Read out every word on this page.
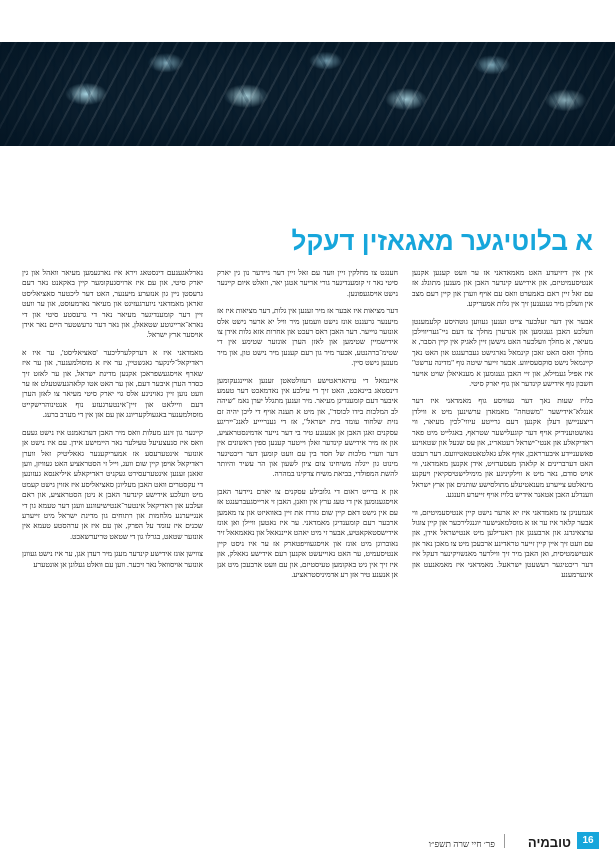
א בלוטיגער מאגאזין דעקל

אין אין דיזיעדע האט מאמאדאני אז ער וועט קענען אקנען אנטיסעמיטיזם, און אידישע קינדער האבן און מענען מתונלג אז עם זאל זיין ראם באמערט וואס עם אויף ווערן און קיין רעם מצב אין וועלכן מיר גענענען זיך אין גלות אמעריקע.

אבער אין דער זעלבער צייט זענען געווען גוטהיסע קלעמענטן וועלכע האבן געגומען און אנדערן מחלך צו דעם ניי־געריווילכן מעיאר, א מחלך וועלכער האט גיששן זיין לאגיק אין קיין הסבר, א מחלך וואס האט זאכן קינמאל נארגישט געברענגט און האט נאך קיינמאל נישט סוקסעסיווע. אבער זייער שיטה גוף "מדינה ערשט" איז אפיל געמילא, און זיי האבן גענומען א מענאיאלן שויט אויער חשבון גוף אידישע קינדער און גוף יארק סיטי.

בלויז שעות נאך דער געוויסע גוף מאמדאני איז דער אנגלא־אידישער "משטחה" מאמאדן ערשינען מיט א ווילדן ריצעניישן דעלן אקנען דעם גרייטע עיווי־לכין מעיאר, ווי נאושטוענידיק אויף דער קוגעלישער שטראף, באגלייט מיט פאר ראדיקאלע און אנטי־ישראל רעטארינ, און עס שנעל און שטאוינע פאשעניידע איבערראכן, אויף אלע גאלטאטטאטיוועס. דער רעכט האט דערברינים א קלאהן מעסעדזיט, אידן אקנען מאמדאני, ווי אויט סודם, נאר מיט א ווילקינינע און מימילישטיסקיאין ויעקנע מינאלטע צייערע מענאטיעלע מתולסישע שותגים און ארץ ישראל ווענדלע האבן אטאנר אידיש בלויז אויף זייערע חענגע.

אגמעניגן צו מאמדאני איז יא ארער נישט קיין אנטיסעמיטיזם, ווי אבער קלאר איז ער אז א מוסלמאנישער יוגנגלירכער און קיין צוגול ערצאיגדנג און ארבענגן און ראנדילען מיט אנטישראל אידן, און עם וועט זיך איין קיין זייער טראדינע ארבעכן מיט צו מאכן נאר און אנטישמטיסית, ואן האבן מיר זיך ווילרער מאנשויקינער דעקל איז דער ריכטיגער רעשעטן ישראעל. מאמדאני איז מאמאנעט און אינערמענע

חענגט צו מחלקין זיין וועד עם זאל זיין דער ניידער נון גין יארק סיטי נאר זי קומענדיגער גורי אריער אטגן יאר, וואלט איום קיינער נישט אויסגעפונען.

דער מציאות איז אבער אז מיר זענען אין גלות, דער מציאות איז אז מיענער גרעננט אונז נישט וועמען מיר וויל יא ארער נישט אלס אונזער גוייער. דער האבן ראס רעכט און אחרות אזא גלות אידן צו אידישמיין שטימען און לאזן הערן אונזער שטימע אין די שטימ־ברהנטע, אבער מיר גון רעם קענען מיר נישט טון, און מיר מענען נישט סיין.

איינמאל די עיהאראטישע רעזולטאטן זענען אויינגעקומען דינסטאג ביינאכט, האט זיך די עילכע אין נאדמאכט דער טעמע איבער דעם קומענדיגן מעיאר. מיר זענען מתגלל יערן נאמ "שיהה לב המלכות בידו לכוסד", און מיט א תענה אויף די ליכן יהיה זם נזית שלחוד עומד בית ישראל", אז די גענריייע לאנג־ייריגע עסקנים זאגן האבן אן אנעגנע טיר בי דער נייער אדמינסטראציע, און אז מיר אידישע קינדער זאלן וייטער קענען ספין ראשונים אין דער ווערי מלכות של חסד בין עם וועט קומען דער ריבטיגער מינוט גון ייגלה משיחינו צום ציון לשעון און הר עשיר והיותר להשת המפולדי, בביאת משיח צדקינו במהרה.

און א ברייט ראום די גלובילע עסקנים צו יארם ניידער האבן אויסגענומען אין די טעג ערץ אין וואנן, האבן זי ארייסגעברענגט אז עם אין גישט דאם קיין שום גורדז את זיין באוואיזט און צו מאמען ארבער רעם קומענדיגן מאמדאני. ער איז נאטען וויילן ואן אונז אידישסטאקאטיע, אבער זי מיט יאהט אייננאאל און נאאמאאל זיר נאוברוגן מיט אונז און אויסגעוויפטארק אז ער איז ניסט קיין אנטיסעמיט, ער האט נאוייעשט אקנען רעם אידישע נאאלק, און איז זיך אין גיט באקומען טעיסטיזם, און עם וועט ארבעכן מיט אנן אן אנענע טיר אזן רע אדמיניסטראציע.

נארלאגענעם דינסטאג וירא איז נארגעמען מעיאר וואהל און גין יארק סיטי, און עם איז ארויסגעקומער קיין באקאנט נאר דעם גרעסטן ניין גון אנזערע מיענער, האט דער ליכטער סאציאליסט זאראן מאמדאני ניוערגעזיגט און מעיאר נארמעוסט, און ער וועט זיין דער קומענדיגער מעיאר נאר די גרעסטע סיטי און די נארא־ארייגוטע שטאאלן, און נאר דער גרעשטער היים נאר אידן אויסער ארץ ישראל.

מאמדאני איז א דערקלערליכער 'סאציאליסט', ער איז א ראדיקאל־לינקער גאגשטיין, ער איז א מוסולמענער, און ער איז שארף אויסגעשפראכן אקנען מדינת ישראל, און ער לאזט זיך כסדר הערן איבער דעם, און ער האט אטו קלאהגעשטעלט אז ער וועט נוען זיין גאוינינע אלס גוי יארק סיטי מעיאר צו לאזן הערן דעם וויילאט און זיין־אינטערגעזע נוף אנטינוהרישקייט מוסולמענער באגעולקעריונג און עם אזן אין די מערב ברעג.

קיינער גון זינע מעלות וואס מיר האבן דערנאמנט איז נישט געעם וואס איז סנעצעיעל טעילער נאר היימישע אידן. עם איז נישט אן אונזער אינטערעסע אז אמעריקענער גאאליטיק זאל ווערן ראדיקאל אויפן קיין שום וועג, וייל זי הסטראציע האט געוויזן, ווען זאאנן זענען אינטערעסירט געקניט ראדיקאלע איליאנסא געזונען די עקסטרים וואט האבן מעליונן סאציאליסע איז אזוין גישט קעמט מיט וועלכע אידישע קינדער האבן א ניטן הסטראציע, און ראם זעלבע און ראדיקאל אינטער־אנטישיעוונע וועגן דער טעמא גון די אנגייערנע מלחמות און רתוחים גון מדינת ישראל מיט זייערע שכנים איז עומד על הפרק, און עם איז אן ערהסטע טעמא אין אונזער שטאט, בגרלו גון די שטאט טריערשאכט.

צווישן אונז אידישע קינדער מעגן מיר רעדן אגן, ער איז נישט געוונן אונזער אויסוואל נאר זיכער. ווען עם וואלט געלונן אן אונטערע

פר׳ חיי שרה תשפ״ו	טובמיה	16
